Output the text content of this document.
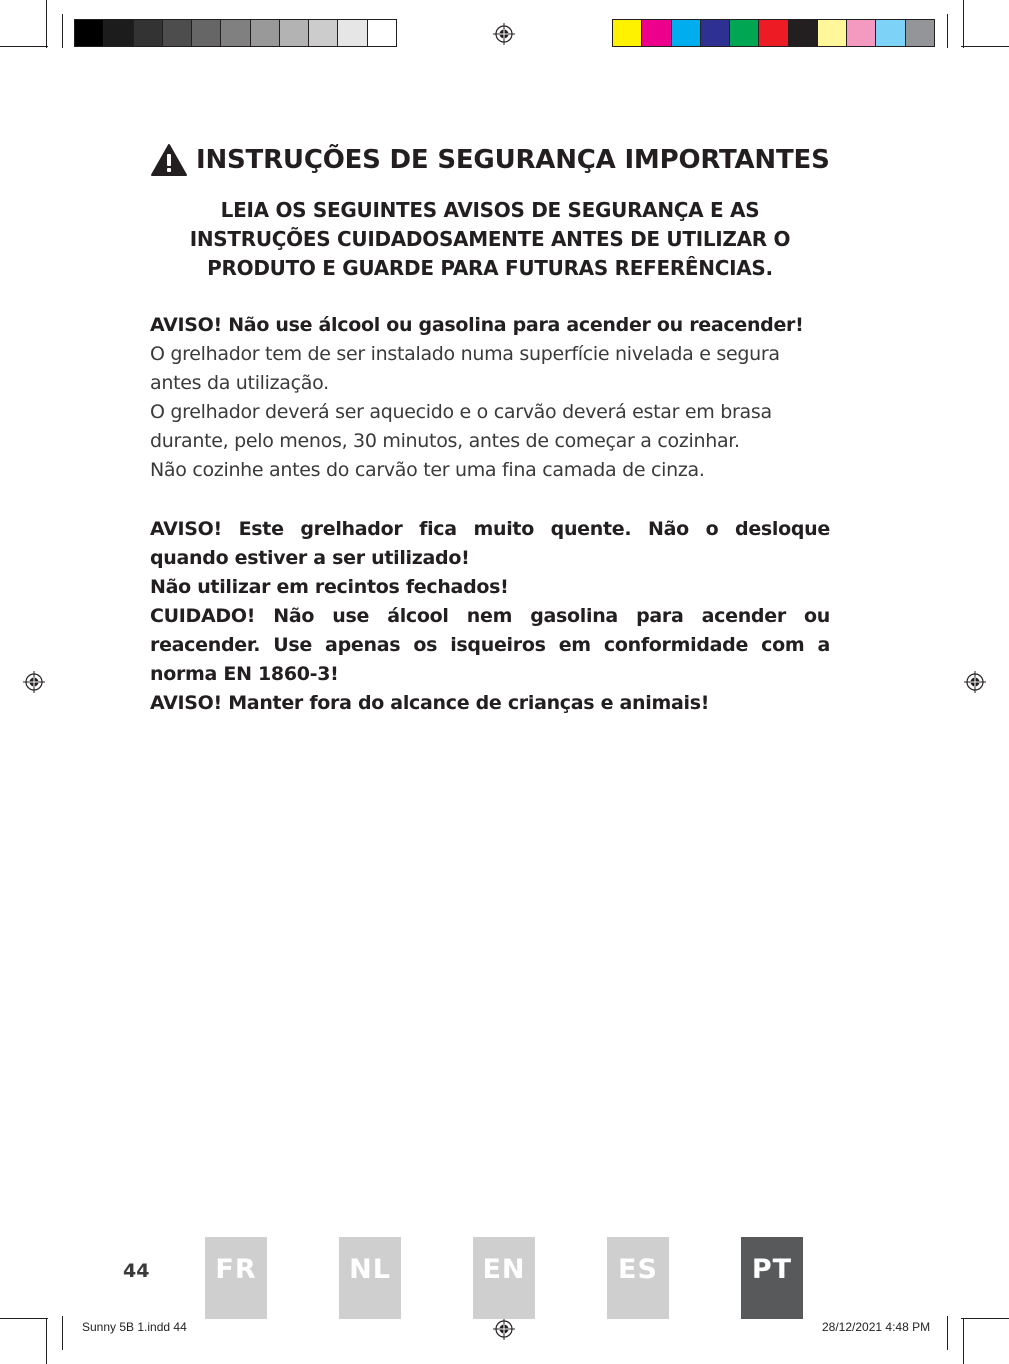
INSTRUÇÕES DE SEGURANÇA IMPORTANTES
LEIA OS SEGUINTES AVISOS DE SEGURANÇA E AS INSTRUÇÕES CUIDADOSAMENTE ANTES DE UTILIZAR O PRODUTO E GUARDE PARA FUTURAS REFERÊNCIAS.

AVISO! Não use álcool ou gasolina para acender ou reacender!

O grelhador tem de ser instalado numa superfície nivelada e segura antes da utilização.

O grelhador deverá ser aquecido e o carvão deverá estar em brasa durante, pelo menos, 30 minutos, antes de começar a cozinhar.

Não cozinhe antes do carvão ter uma fina camada de cinza.

AVISO! Este grelhador fica muito quente. Não o desloque quando estiver a ser utilizado!

Não utilizar em recintos fechados!

CUIDADO! Não use álcool nem gasolina para acender ou reacender. Use apenas os isqueiros em conformidade com a norma EN 1860-3!

AVISO! Manter fora do alcance de crianças e animais!

44	FR	NL	EN	ES	PT
Sunny 5B 1.indd 44	28/12/2021 4:48 PM
